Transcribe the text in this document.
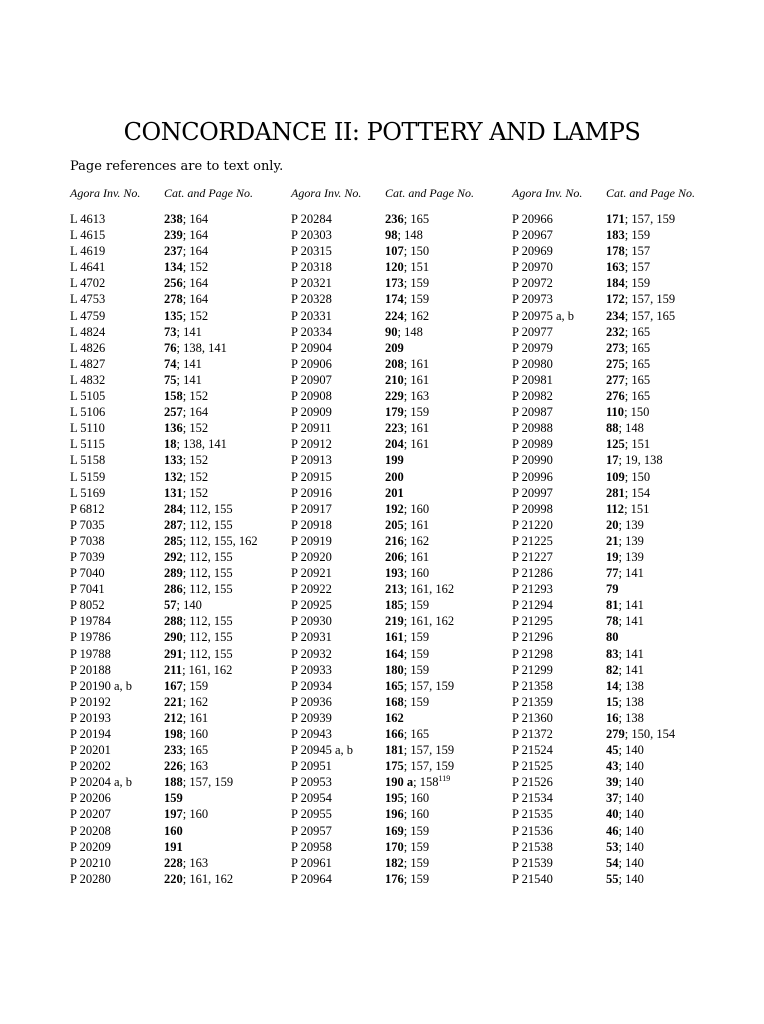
CONCORDANCE II: POTTERY AND LAMPS

Page references are to text only.

Agora Inv. No. Cat. and Page No.
L 4613	238; 164
L 4615	239; 164
L 4619	237; 164
L 4641	134; 152
L 4702	256; 164
L 4753	278; 164
L 4759	135; 152
L 4824	73; 141
L 4826	76; 138, 141
L 4827	74; 141
L 4832	75; 141
L 5105	158; 152
L 5106	257; 164
L 5110	136; 152
L 5115	18; 138, 141
L 5158	133; 152
L 5159	132; 152
L 5169	131; 152
P 6812	284; 112, 155
P 7035	287; 112, 155
P 7038	285; 112, 155, 162
P 7039	292; 112, 155
P 7040	289; 112, 155
P 7041	286; 112, 155
P 8052	57; 140
P 19784	288; 112, 155
P 19786	290; 112, 155
P 19788	291; 112, 155
P 20188	211; 161, 162
P 20190 a, b	167; 159
P 20192	221; 162
P 20193	212; 161
P 20194	198; 160
P 20201	233; 165
P 20202	226; 163
P 20204 a, b	188; 157, 159
P 20206	159
P 20207	197; 160
P 20208	160
P 20209	191
P 20210	228; 163
P 20280	220; 161, 162
Agora Inv. No. Cat. and Page No.
P 20284	236; 165
P 20303	98; 148
P 20315	107; 150
P 20318	120; 151
P 20321	173; 159
P 20328	174; 159
P 20331	224; 162
P 20334	90; 148
P 20904	209
P 20906	208; 161
P 20907	210; 161
P 20908	229; 163
P 20909	179; 159
P 20911	223; 161
P 20912	204; 161
P 20913	199
P 20915	200
P 20916	201
P 20917	192; 160
P 20918	205; 161
P 20919	216; 162
P 20920	206; 161
P 20921	193; 160
P 20922	213; 161, 162
P 20925	185; 159
P 20930	219; 161, 162
P 20931	161; 159
P 20932	164; 159
P 20933	180; 159
P 20934	165; 157, 159
P 20936	168; 159
P 20939	162
P 20943	166; 165
P 20945 a, b	181; 157, 159
P 20951	175; 157, 159
P 20953	190 a; $158^{119}$
P 20954	195; 160
P 20955	196; 160
P 20957	169; 159
P 20958	170; 159
P 20961	182; 159
P 20964	176; 159
Agora Inv. No. Cat. and Page No.
P 20966	171; 157, 159
P 20967	183; 159
P 20969	178; 157
P 20970	163; 157
P 20972	184; 159
P 20973	172; 157, 159
P 20975 a, b	234; 157, 165
P 20977	232; 165
P 20979	273; 165
P 20980	275; 165
P 20981	277; 165
P 20982	276; 165
P 20987	110; 150
P 20988	88; 148
P 20989	125; 151
P 20990	17; 19, 138
P 20996	109; 150
P 20997	281; 154
P 20998	112; 151
P 21220	20; 139
P 21225	21; 139
P 21227	19; 139
P 21286	77; 141
P 21293	79
P 21294	81; 141
P 21295	78; 141
P 21296	80
P 21298	83; 141
P 21299	82; 141
P 21358	14; 138
P 21359	15; 138
P 21360	16; 138
P 21372	279; 150, 154
P 21524	45; 140
P 21525	43; 140
P 21526	39; 140
P 21534	37; 140
P 21535	40; 140
P 21536	46; 140
P 21538	53; 140
P 21539	54; 140
P 21540	55; 140
